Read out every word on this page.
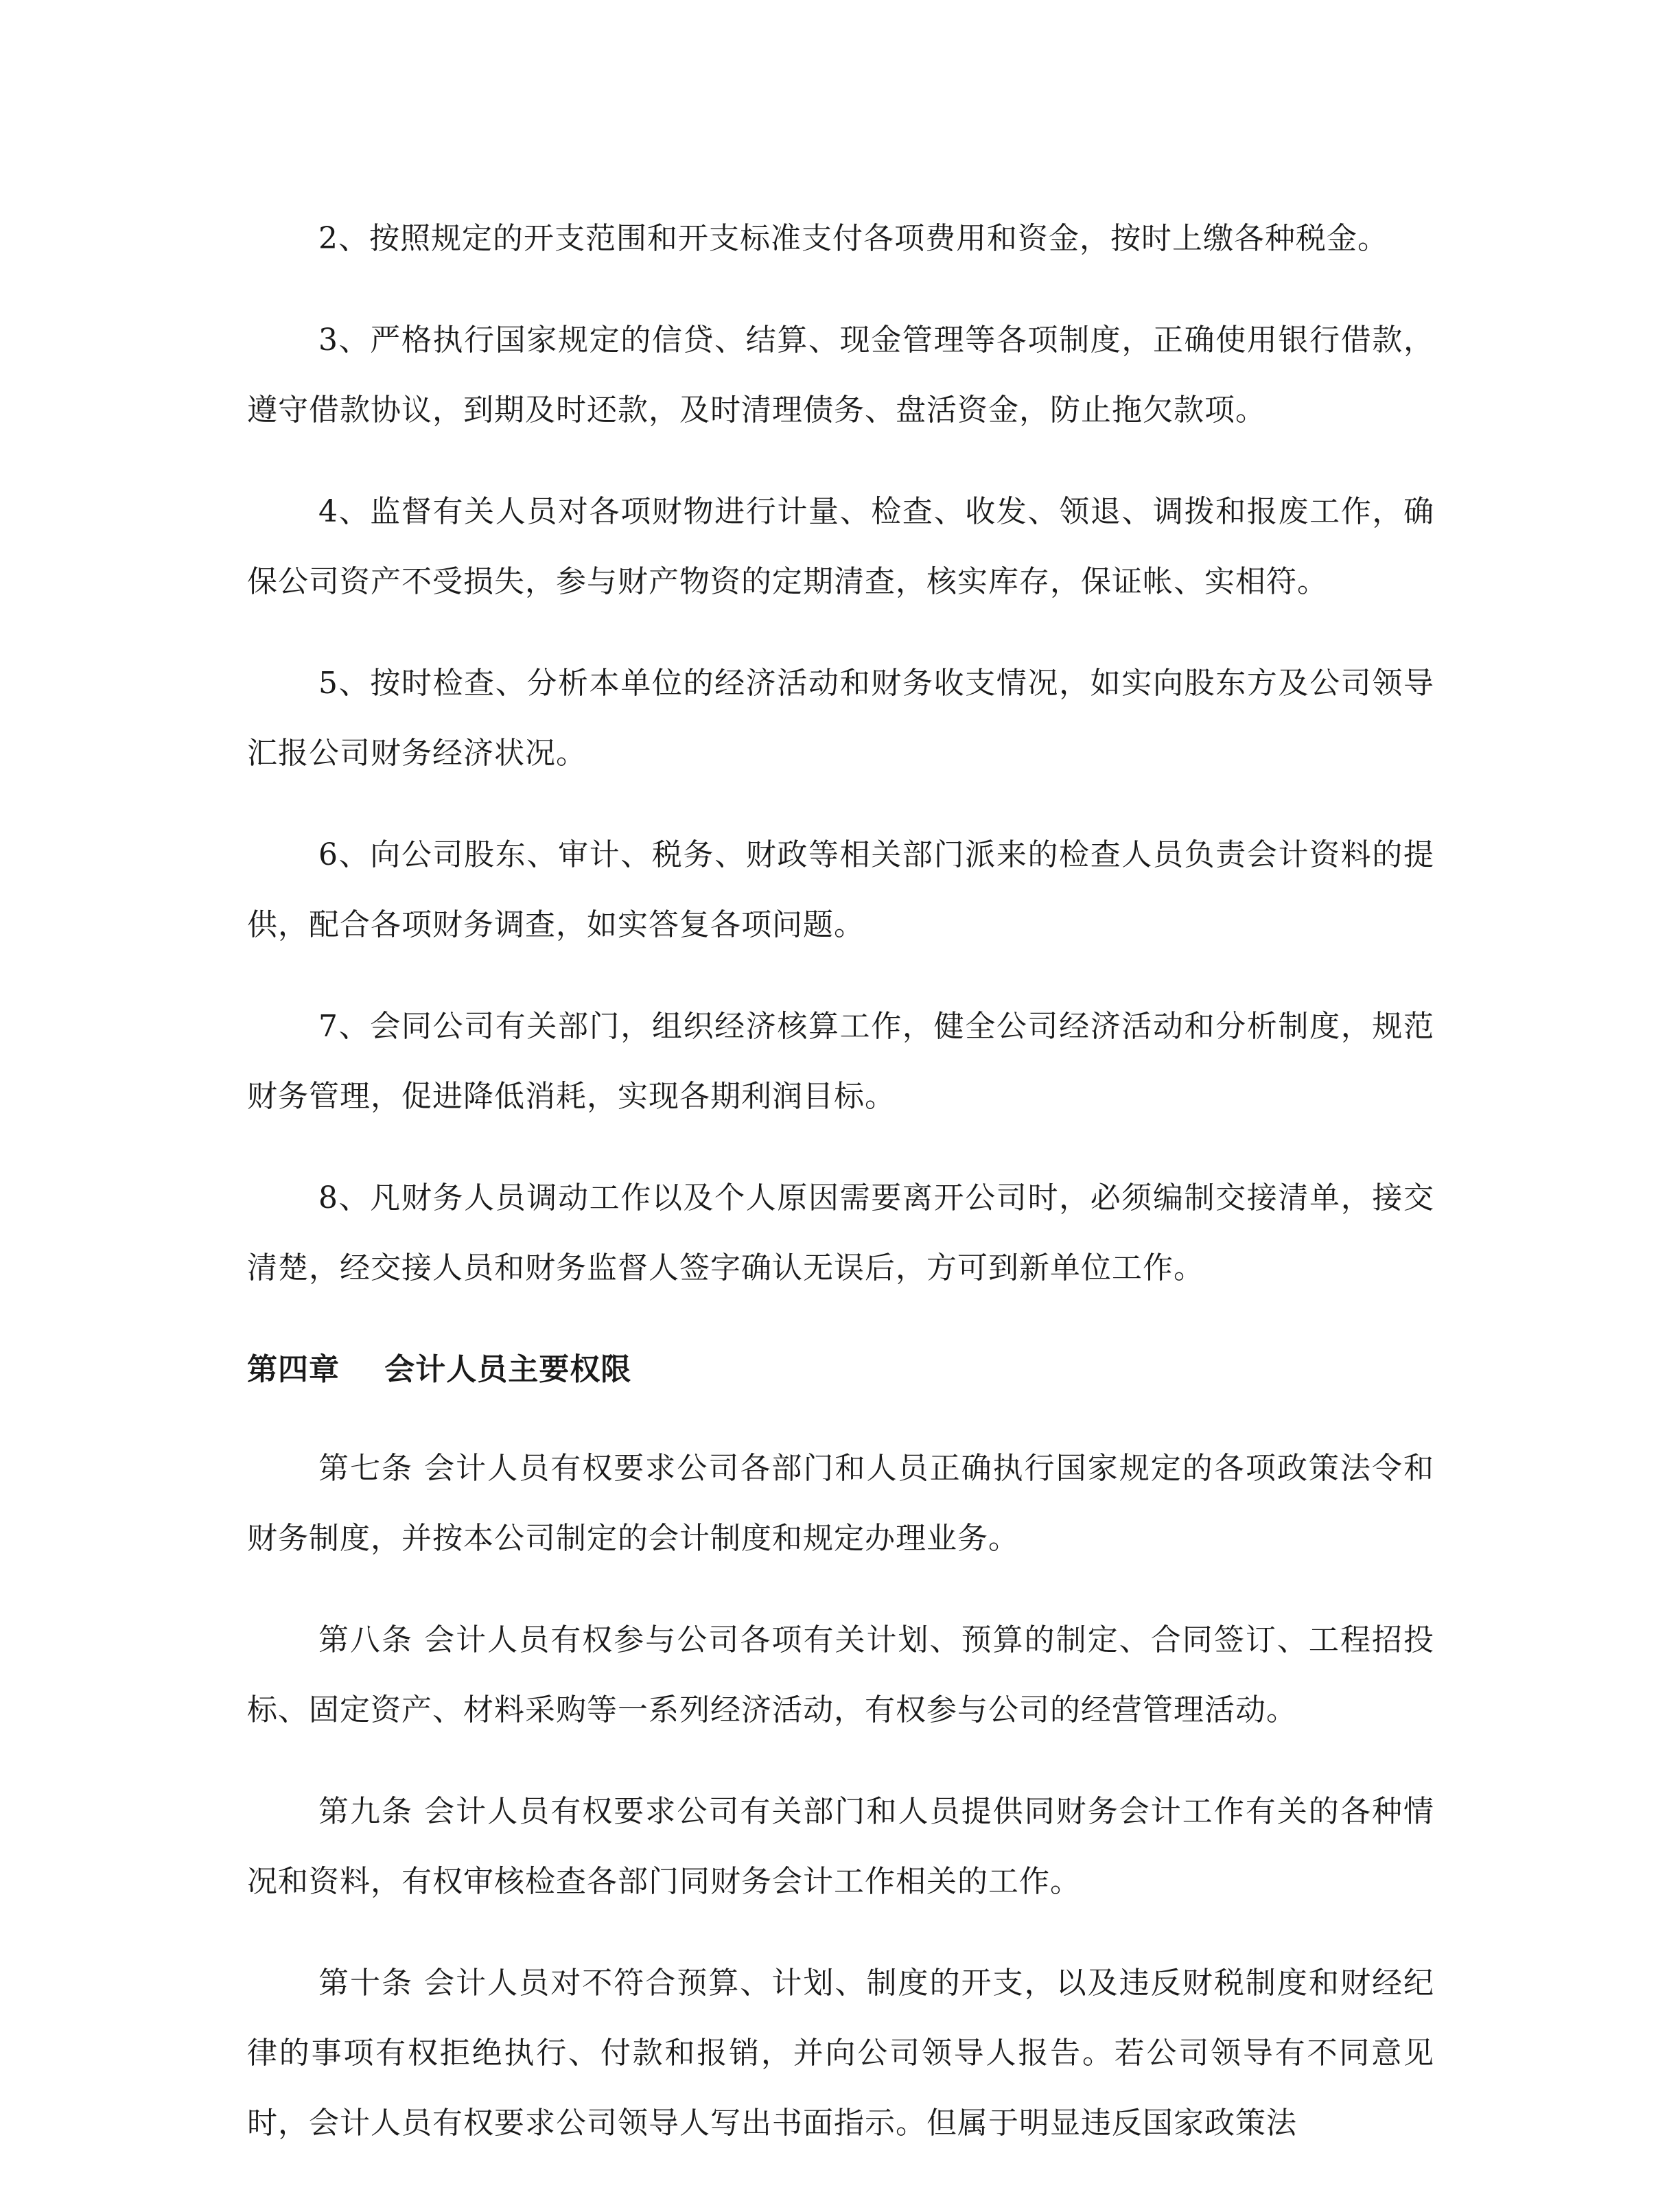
2、按照规定的开支范围和开支标准支付各项费用和资金，按时上缴各种税金。

3、严格执行国家规定的信贷、结算、现金管理等各项制度，正确使用银行借款，遵守借款协议，到期及时还款，及时清理债务、盘活资金，防止拖欠款项。

4、监督有关人员对各项财物进行计量、检查、收发、领退、调拨和报废工作，确保公司资产不受损失，参与财产物资的定期清查，核实库存，保证帐、实相符。

5、按时检查、分析本单位的经济活动和财务收支情况，如实向股东方及公司领导汇报公司财务经济状况。

6、向公司股东、审计、税务、财政等相关部门派来的检查人员负责会计资料的提供，配合各项财务调查，如实答复各项问题。

7、会同公司有关部门，组织经济核算工作，健全公司经济活动和分析制度，规范财务管理，促进降低消耗，实现各期利润目标。

8、凡财务人员调动工作以及个人原因需要离开公司时，必须编制交接清单，接交清楚，经交接人员和财务监督人签字确认无误后，方可到新单位工作。

第四章    会计人员主要权限

第七条 会计人员有权要求公司各部门和人员正确执行国家规定的各项政策法令和财务制度，并按本公司制定的会计制度和规定办理业务。

第八条 会计人员有权参与公司各项有关计划、预算的制定、合同签订、工程招投标、固定资产、材料采购等一系列经济活动，有权参与公司的经营管理活动。

第九条 会计人员有权要求公司有关部门和人员提供同财务会计工作有关的各种情况和资料，有权审核检查各部门同财务会计工作相关的工作。

第十条 会计人员对不符合预算、计划、制度的开支，以及违反财税制度和财经纪律的事项有权拒绝执行、付款和报销，并向公司领导人报告。若公司领导有不同意见时，会计人员有权要求公司领导人写出书面指示。但属于明显违反国家政策法
